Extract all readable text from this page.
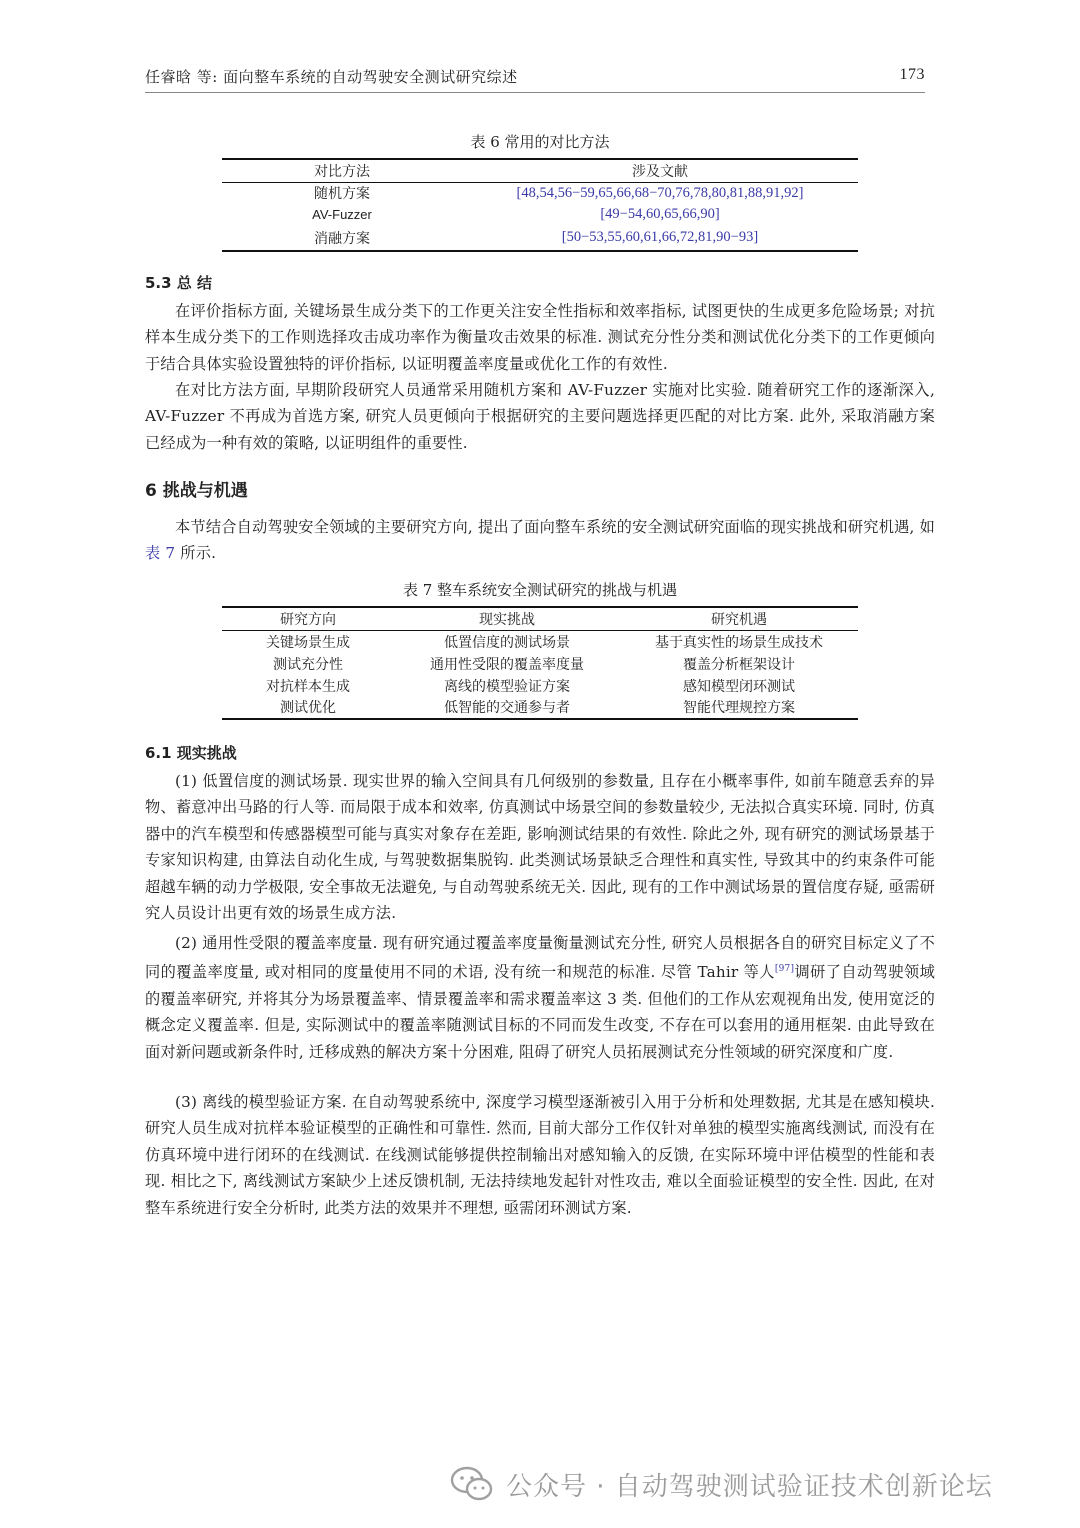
任睿晗 等: 面向整车系统的自动驾驶安全测试研究综述	173
表 6 常用的对比方法
对比方法	涉及文献
随机方案	[48,54,56−59,65,66,68−70,76,78,80,81,88,91,92]
AV-Fuzzer	[49−54,60,65,66,90]
消融方案	[50−53,55,60,61,66,72,81,90−93]
5.3 总 结

在评价指标方面, 关键场景生成分类下的工作更关注安全性指标和效率指标, 试图更快的生成更多危险场景; 对抗样本生成分类下的工作则选择攻击成功率作为衡量攻击效果的标准. 测试充分性分类和测试优化分类下的工作更倾向于结合具体实验设置独特的评价指标, 以证明覆盖率度量或优化工作的有效性.

在对比方法方面, 早期阶段研究人员通常采用随机方案和 AV-Fuzzer 实施对比实验. 随着研究工作的逐渐深入, AV-Fuzzer 不再成为首选方案, 研究人员更倾向于根据研究的主要问题选择更匹配的对比方案. 此外, 采取消融方案已经成为一种有效的策略, 以证明组件的重要性.

6 挑战与机遇

本节结合自动驾驶安全领域的主要研究方向, 提出了面向整车系统的安全测试研究面临的现实挑战和研究机遇, 如表 7 所示.

表 7 整车系统安全测试研究的挑战与机遇
研究方向	现实挑战	研究机遇
关键场景生成	低置信度的测试场景	基于真实性的场景生成技术
测试充分性	通用性受限的覆盖率度量	覆盖分析框架设计
对抗样本生成	离线的模型验证方案	感知模型闭环测试
测试优化	低智能的交通参与者	智能代理规控方案
6.1 现实挑战

(1) 低置信度的测试场景. 现实世界的输入空间具有几何级别的参数量, 且存在小概率事件, 如前车随意丢弃的异物、蓄意冲出马路的行人等. 而局限于成本和效率, 仿真测试中场景空间的参数量较少, 无法拟合真实环境. 同时, 仿真器中的汽车模型和传感器模型可能与真实对象存在差距, 影响测试结果的有效性. 除此之外, 现有研究的测试场景基于专家知识构建, 由算法自动化生成, 与驾驶数据集脱钩. 此类测试场景缺乏合理性和真实性, 导致其中的约束条件可能超越车辆的动力学极限, 安全事故无法避免, 与自动驾驶系统无关. 因此, 现有的工作中测试场景的置信度存疑, 亟需研究人员设计出更有效的场景生成方法.

(2) 通用性受限的覆盖率度量. 现有研究通过覆盖率度量衡量测试充分性, 研究人员根据各自的研究目标定义了不同的覆盖率度量, 或对相同的度量使用不同的术语, 没有统一和规范的标准. 尽管 Tahir 等人[97]调研了自动驾驶领域的覆盖率研究, 并将其分为场景覆盖率、情景覆盖率和需求覆盖率这 3 类. 但他们的工作从宏观视角出发, 使用宽泛的概念定义覆盖率. 但是, 实际测试中的覆盖率随测试目标的不同而发生改变, 不存在可以套用的通用框架. 由此导致在面对新问题或新条件时, 迁移成熟的解决方案十分困难, 阻碍了研究人员拓展测试充分性领域的研究深度和广度.

(3) 离线的模型验证方案. 在自动驾驶系统中, 深度学习模型逐渐被引入用于分析和处理数据, 尤其是在感知模块. 研究人员生成对抗样本验证模型的正确性和可靠性. 然而, 目前大部分工作仅针对单独的模型实施离线测试, 而没有在仿真环境中进行闭环的在线测试. 在线测试能够提供控制输出对感知输入的反馈, 在实际环境中评估模型的性能和表现. 相比之下, 离线测试方案缺少上述反馈机制, 无法持续地发起针对性攻击, 难以全面验证模型的安全性. 因此, 在对整车系统进行安全分析时, 此类方法的效果并不理想, 亟需闭环测试方案.

公众号 · 自动驾驶测试验证技术创新论坛
